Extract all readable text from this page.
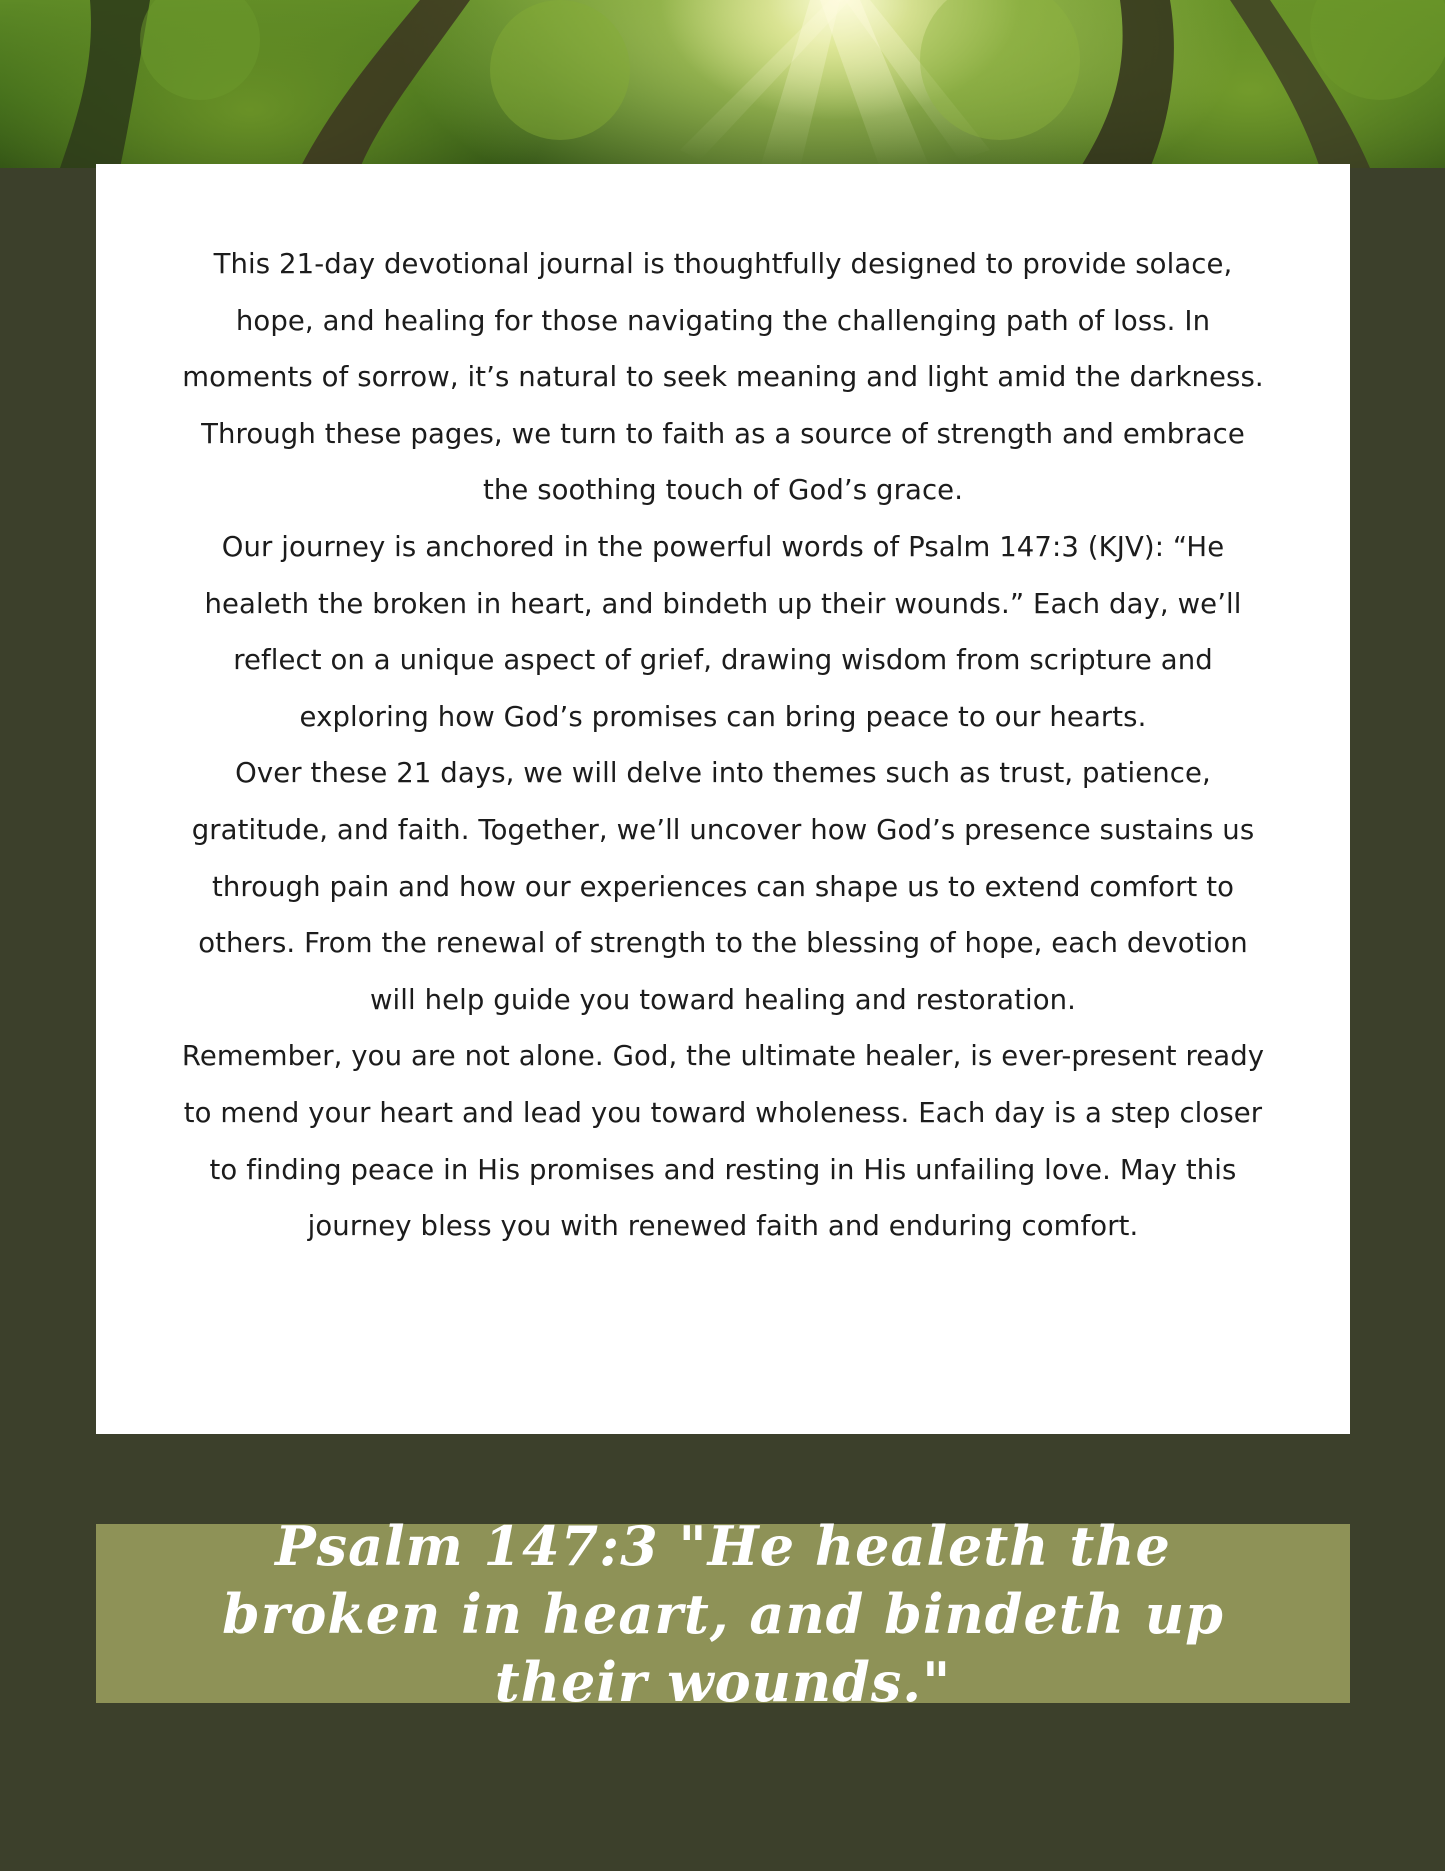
This 21-day devotional journal is thoughtfully designed to provide solace, hope, and healing for those navigating the challenging path of loss. In moments of sorrow, it’s natural to seek meaning and light amid the darkness. Through these pages, we turn to faith as a source of strength and embrace the soothing touch of God’s grace.

Our journey is anchored in the powerful words of Psalm 147:3 (KJV): “He healeth the broken in heart, and bindeth up their wounds.” Each day, we’ll reflect on a unique aspect of grief, drawing wisdom from scripture and exploring how God’s promises can bring peace to our hearts.

Over these 21 days, we will delve into themes such as trust, patience, gratitude, and faith. Together, we’ll uncover how God’s presence sustains us through pain and how our experiences can shape us to extend comfort to others. From the renewal of strength to the blessing of hope, each devotion will help guide you toward healing and restoration.

Remember, you are not alone. God, the ultimate healer, is ever-present ready to mend your heart and lead you toward wholeness. Each day is a step closer to finding peace in His promises and resting in His unfailing love. May this journey bless you with renewed faith and enduring comfort.

Psalm 147:3 "He healeth the broken in heart, and bindeth up their wounds."
